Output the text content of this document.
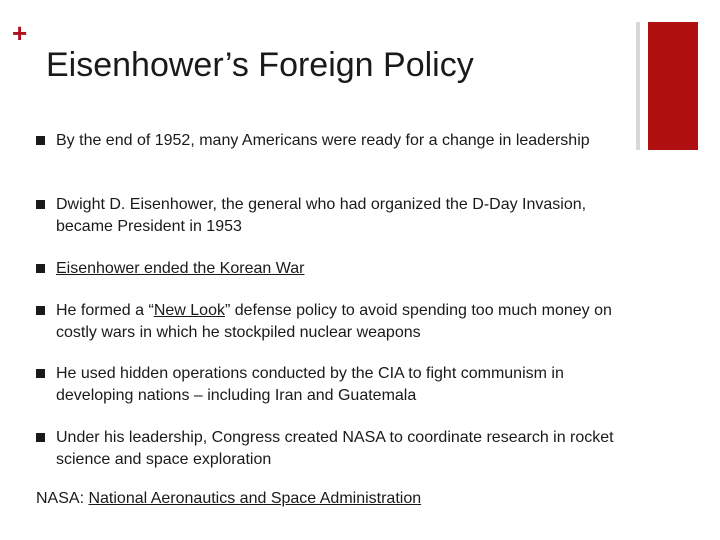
+
Eisenhower’s Foreign Policy
By the end of 1952, many Americans were ready for a change in leadership
Dwight D. Eisenhower, the general who had organized the D-Day Invasion, became President in 1953
Eisenhower ended the Korean War
He formed a “New Look” defense policy to avoid spending too much money on costly wars in which he stockpiled nuclear weapons
He used hidden operations conducted by the CIA to fight communism in developing nations – including Iran and Guatemala
Under his leadership, Congress created NASA to coordinate research in rocket science and space exploration
NASA: National Aeronautics and Space Administration
